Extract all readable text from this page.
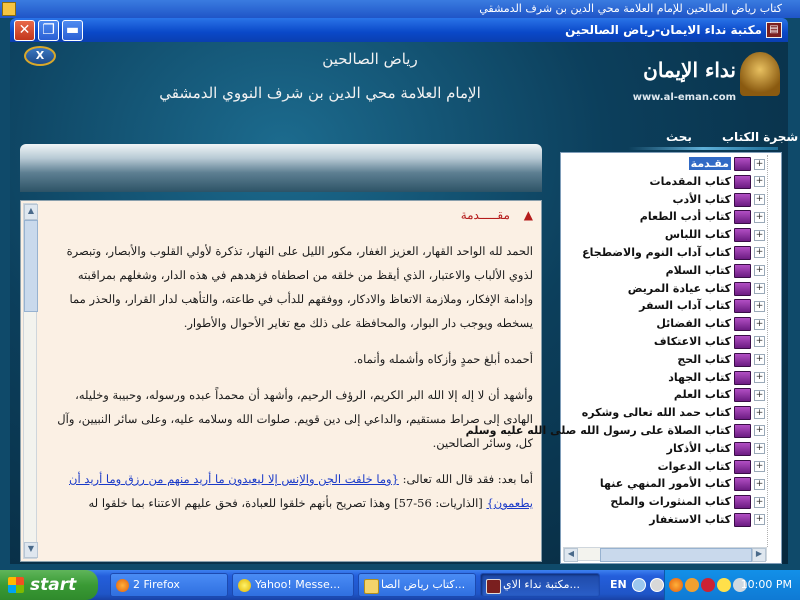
كتاب رياض الصالحين للإمام العلامة محي الدين بن شرف الدمشقي
✕ ❐ ▬	▤
مكتبة نداء الايمان-رياض الصالحين
X	رياض الصالحين
الإمام العلامة محي الدين بن شرف النووي الدمشقي
نداء الإيمان
www.al-eman.com
شجرة الكتاب
بحث
▲
▼
▲ مقـــــدمة

الحمد لله الواحد القهار، العزيز الغفار، مكور الليل على النهار، تذكرة لأولي القلوب والأبصار، وتبصرة لذوي الألباب والاعتبار، الذي أيقظ من خلقه من اصطفاه فزهدهم في هذه الدار، وشغلهم بمراقبته وإدامة الإفكار، وملازمة الاتعاظ والادكار، ووفقهم للدأب في طاعته، والتأهب لدار القرار، والحذر مما يسخطه ويوجب دار البوار، والمحافظة على ذلك مع تغاير الأحوال والأطوار.

أحمده أبلغ حمدٍ وأزكاه وأشمله وأنماه.

وأشهد أن لا إله إلا الله البر الكريم، الرؤف الرحيم، وأشهد أن محمداً عبده ورسوله، وحبيبة وخليله، الهادى إلى صراط مستقيم، والداعي إلى دين قويم. صلوات الله وسلامه عليه، وعلى سائر النبيين، وآل كل، وسائر الصالحين.

أما بعد: فقد قال الله تعالى: {وما خلقت الجن والإنس إلا ليعبدون ما أريد منهم من رزق وما أريد أن يطعمون} [الذاريات: 56-57] وهذا تصريح بأنهم خلقوا للعبادة، فحق عليهم الاعتناء بما خلقوا له

+مقـدمة
+كتاب المقدمات
+كتاب الأدب
+كتاب أدب الطعام
+كتاب اللباس
+كتاب آداب النوم والاضطجاع
+كتاب السلام
+كتاب عيادة المريض
+كتاب آداب السفر
+كتاب الفضائل
+كتاب الاعتكاف
+كتاب الحج
+كتاب الجهاد
+كتاب العلم
+كتاب حمد الله تعالى وشكره
+كتاب الصلاة على رسول الله صلى الله عليه وسلم
+كتاب الأذكار
+كتاب الدعوات
+كتاب الأمور المنهي عنها
+كتاب المنثورات والملح
+كتاب الاستغفار
◀	▶
start	2 Firefox	Yahoo! Messe...	كتاب رياض الصا...	مكتبة نداء الاي...	EN	10:00 PM
